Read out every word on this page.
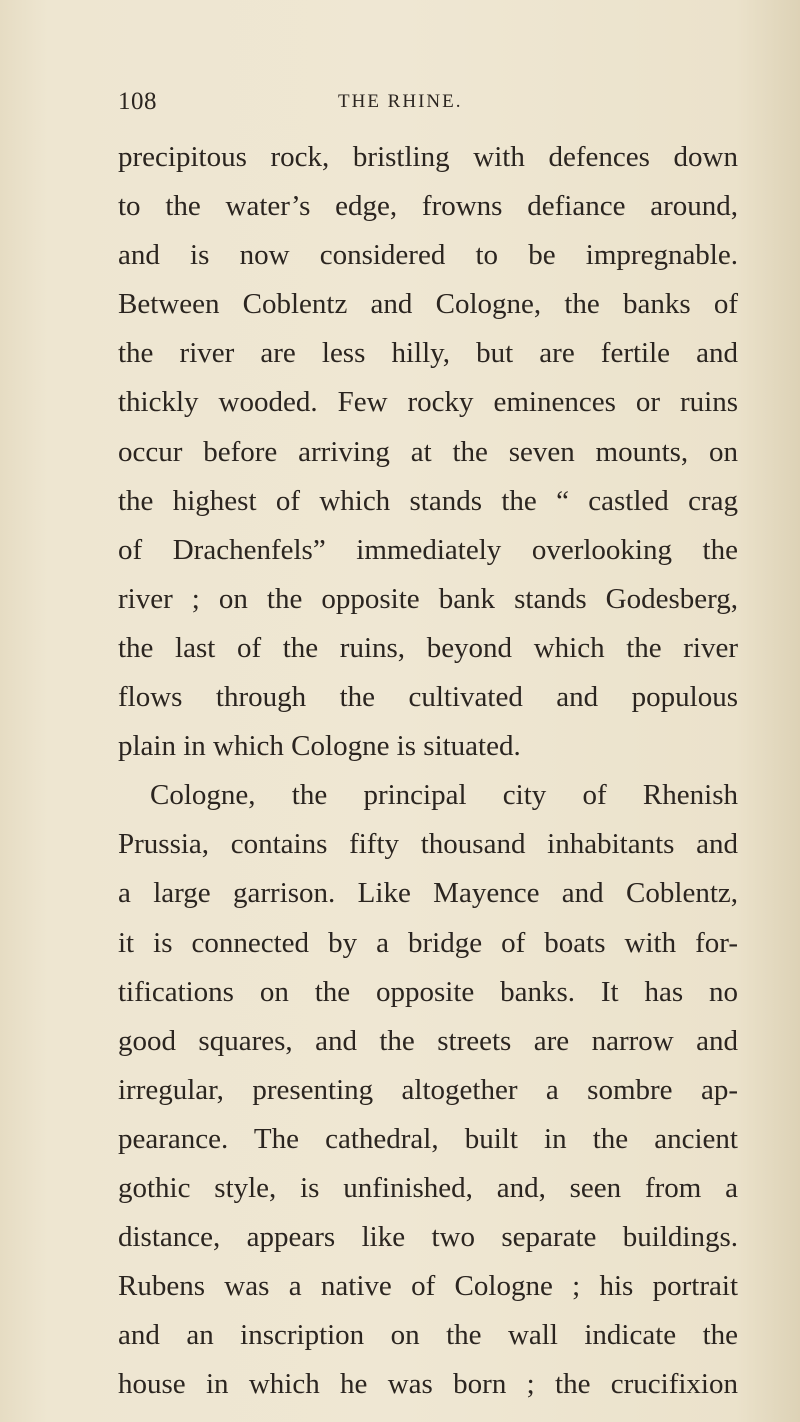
108	THE RHINE.
precipitous rock, bristling with defences down
to the water’s edge, frowns defiance around,
and is now considered to be impregnable.
Between Coblentz and Cologne, the banks of
the river are less hilly, but are fertile and
thickly wooded. Few rocky eminences or ruins
occur before arriving at the seven mounts, on
the highest of which stands the “ castled crag
of Drachenfels” immediately overlooking the
river ; on the opposite bank stands Godesberg,
the last of the ruins, beyond which the river
flows through the cultivated and populous
plain in which Cologne is situated.
Cologne, the principal city of Rhenish
Prussia, contains fifty thousand inhabitants and
a large garrison. Like Mayence and Coblentz,
it is connected by a bridge of boats with for-
tifications on the opposite banks. It has no
good squares, and the streets are narrow and
irregular, presenting altogether a sombre ap-
pearance. The cathedral, built in the ancient
gothic style, is unfinished, and, seen from a
distance, appears like two separate buildings.
Rubens was a native of Cologne ; his portrait
and an inscription on the wall indicate the
house in which he was born ; the crucifixion
